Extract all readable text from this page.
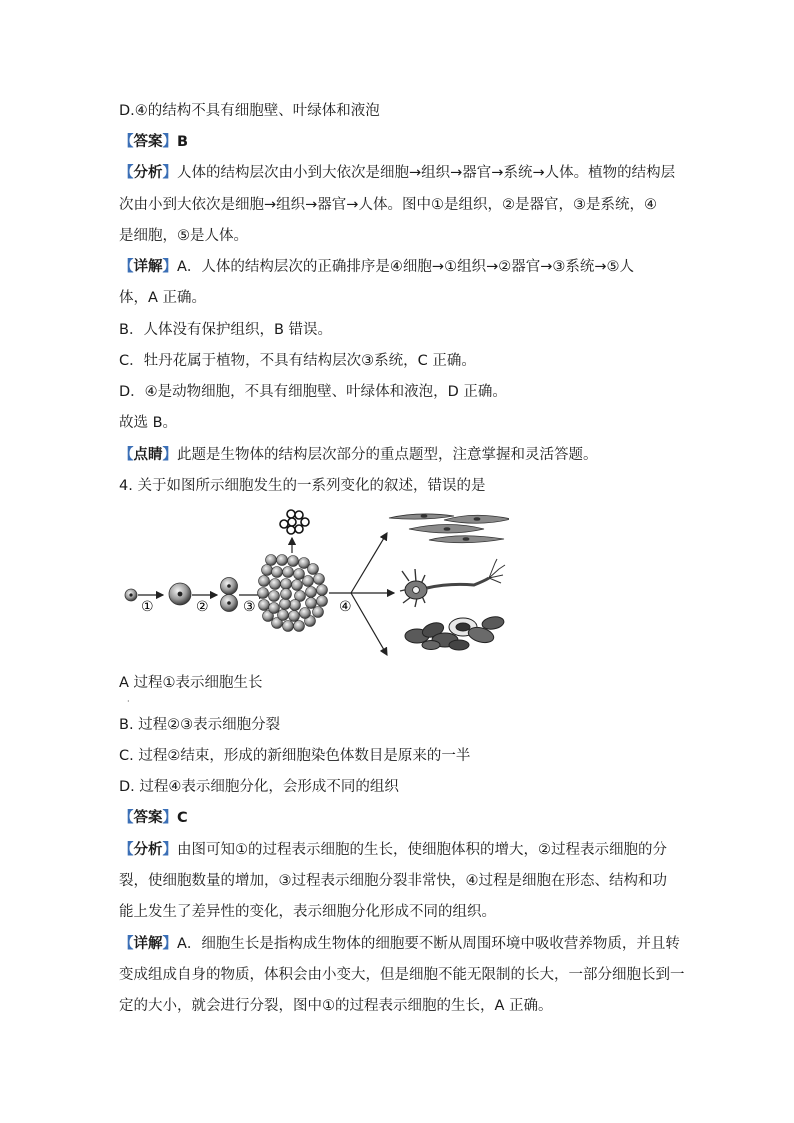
D.④的结构不具有细胞壁、叶绿体和液泡
【答案】B
【分析】人体的结构层次由小到大依次是细胞→组织→器官→系统→人体。植物的结构层
次由小到大依次是细胞→组织→器官→人体。图中①是组织，②是器官，③是系统，④
是细胞，⑤是人体。
【详解】A．人体的结构层次的正确排序是④细胞→①组织→②器官→③系统→⑤人
体，A 正确。
B．人体没有保护组织，B 错误。
C．牡丹花属于植物，不具有结构层次③系统，C 正确。
D．④是动物细胞，不具有细胞壁、叶绿体和液泡，D 正确。
故选 B。
【点睛】此题是生物体的结构层次部分的重点题型，注意掌握和灵活答题。
4. 关于如图所示细胞发生的一系列变化的叙述，错误的是
①	② ③	④
A 过程①表示细胞生长
·
B. 过程②③表示细胞分裂
C. 过程②结束，形成的新细胞染色体数目是原来的一半
D. 过程④表示细胞分化，会形成不同的组织
【答案】C
【分析】由图可知①的过程表示细胞的生长，使细胞体积的增大，②过程表示细胞的分
裂，使细胞数量的增加，③过程表示细胞分裂非常快，④过程是细胞在形态、结构和功
能上发生了差异性的变化，表示细胞分化形成不同的组织。
【详解】A．细胞生长是指构成生物体的细胞要不断从周围环境中吸收营养物质，并且转
变成组成自身的物质，体积会由小变大，但是细胞不能无限制的长大，一部分细胞长到一
定的大小，就会进行分裂，图中①的过程表示细胞的生长，A 正确。
